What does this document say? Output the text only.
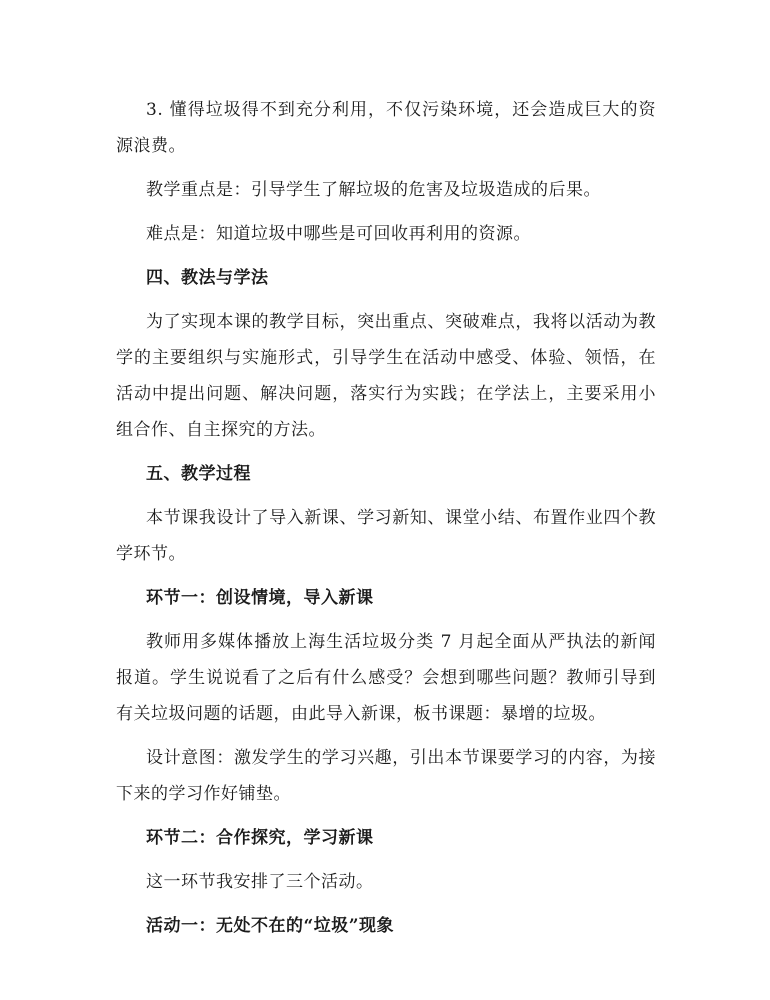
3. 懂得垃圾得不到充分利用，不仅污染环境，还会造成巨大的资源浪费。

教学重点是：引导学生了解垃圾的危害及垃圾造成的后果。

难点是：知道垃圾中哪些是可回收再利用的资源。

四、教法与学法

为了实现本课的教学目标，突出重点、突破难点，我将以活动为教学的主要组织与实施形式，引导学生在活动中感受、体验、领悟，在活动中提出问题、解决问题，落实行为实践；在学法上，主要采用小组合作、自主探究的方法。

五、教学过程

本节课我设计了导入新课、学习新知、课堂小结、布置作业四个教学环节。

环节一：创设情境，导入新课

教师用多媒体播放上海生活垃圾分类 7 月起全面从严执法的新闻报道。学生说说看了之后有什么感受？会想到哪些问题？教师引导到有关垃圾问题的话题，由此导入新课，板书课题：暴增的垃圾。

设计意图：激发学生的学习兴趣，引出本节课要学习的内容，为接下来的学习作好铺垫。

环节二：合作探究，学习新课

这一环节我安排了三个活动。

活动一：无处不在的“垃圾”现象
